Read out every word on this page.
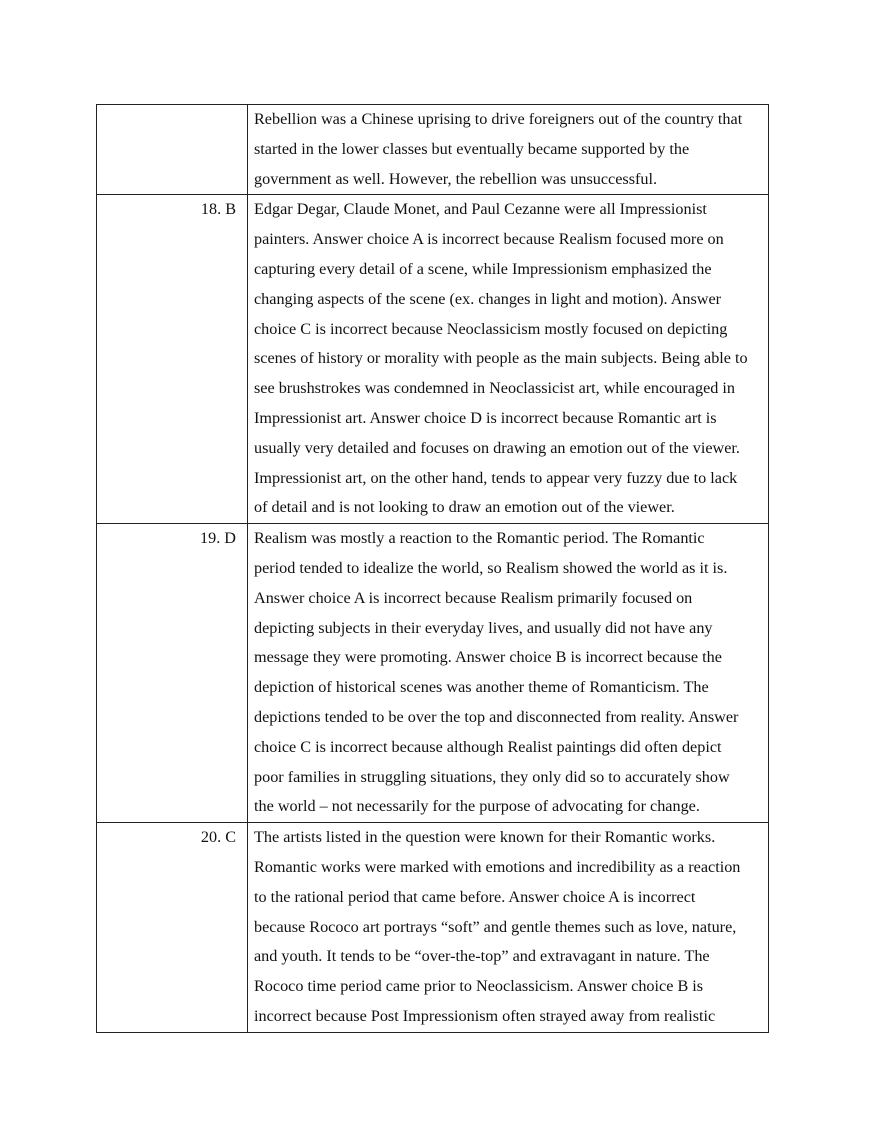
	Rebellion was a Chinese uprising to drive foreigners out of the country that
started in the lower classes but eventually became supported by the
government as well. However, the rebellion was unsuccessful.

18. B	Edgar Degar, Claude Monet, and Paul Cezanne were all Impressionist
painters. Answer choice A is incorrect because Realism focused more on
capturing every detail of a scene, while Impressionism emphasized the
changing aspects of the scene (ex. changes in light and motion). Answer
choice C is incorrect because Neoclassicism mostly focused on depicting
scenes of history or morality with people as the main subjects. Being able to
see brushstrokes was condemned in Neoclassicist art, while encouraged in
Impressionist art. Answer choice D is incorrect because Romantic art is
usually very detailed and focuses on drawing an emotion out of the viewer.
Impressionist art, on the other hand, tends to appear very fuzzy due to lack
of detail and is not looking to draw an emotion out of the viewer.

19. D	Realism was mostly a reaction to the Romantic period. The Romantic
period tended to idealize the world, so Realism showed the world as it is.
Answer choice A is incorrect because Realism primarily focused on
depicting subjects in their everyday lives, and usually did not have any
message they were promoting. Answer choice B is incorrect because the
depiction of historical scenes was another theme of Romanticism. The
depictions tended to be over the top and disconnected from reality. Answer
choice C is incorrect because although Realist paintings did often depict
poor families in struggling situations, they only did so to accurately show
the world – not necessarily for the purpose of advocating for change.

20. C	The artists listed in the question were known for their Romantic works.
Romantic works were marked with emotions and incredibility as a reaction
to the rational period that came before. Answer choice A is incorrect
because Rococo art portrays “soft” and gentle themes such as love, nature,
and youth. It tends to be “over-the-top” and extravagant in nature. The
Rococo time period came prior to Neoclassicism. Answer choice B is
incorrect because Post Impressionism often strayed away from realistic
